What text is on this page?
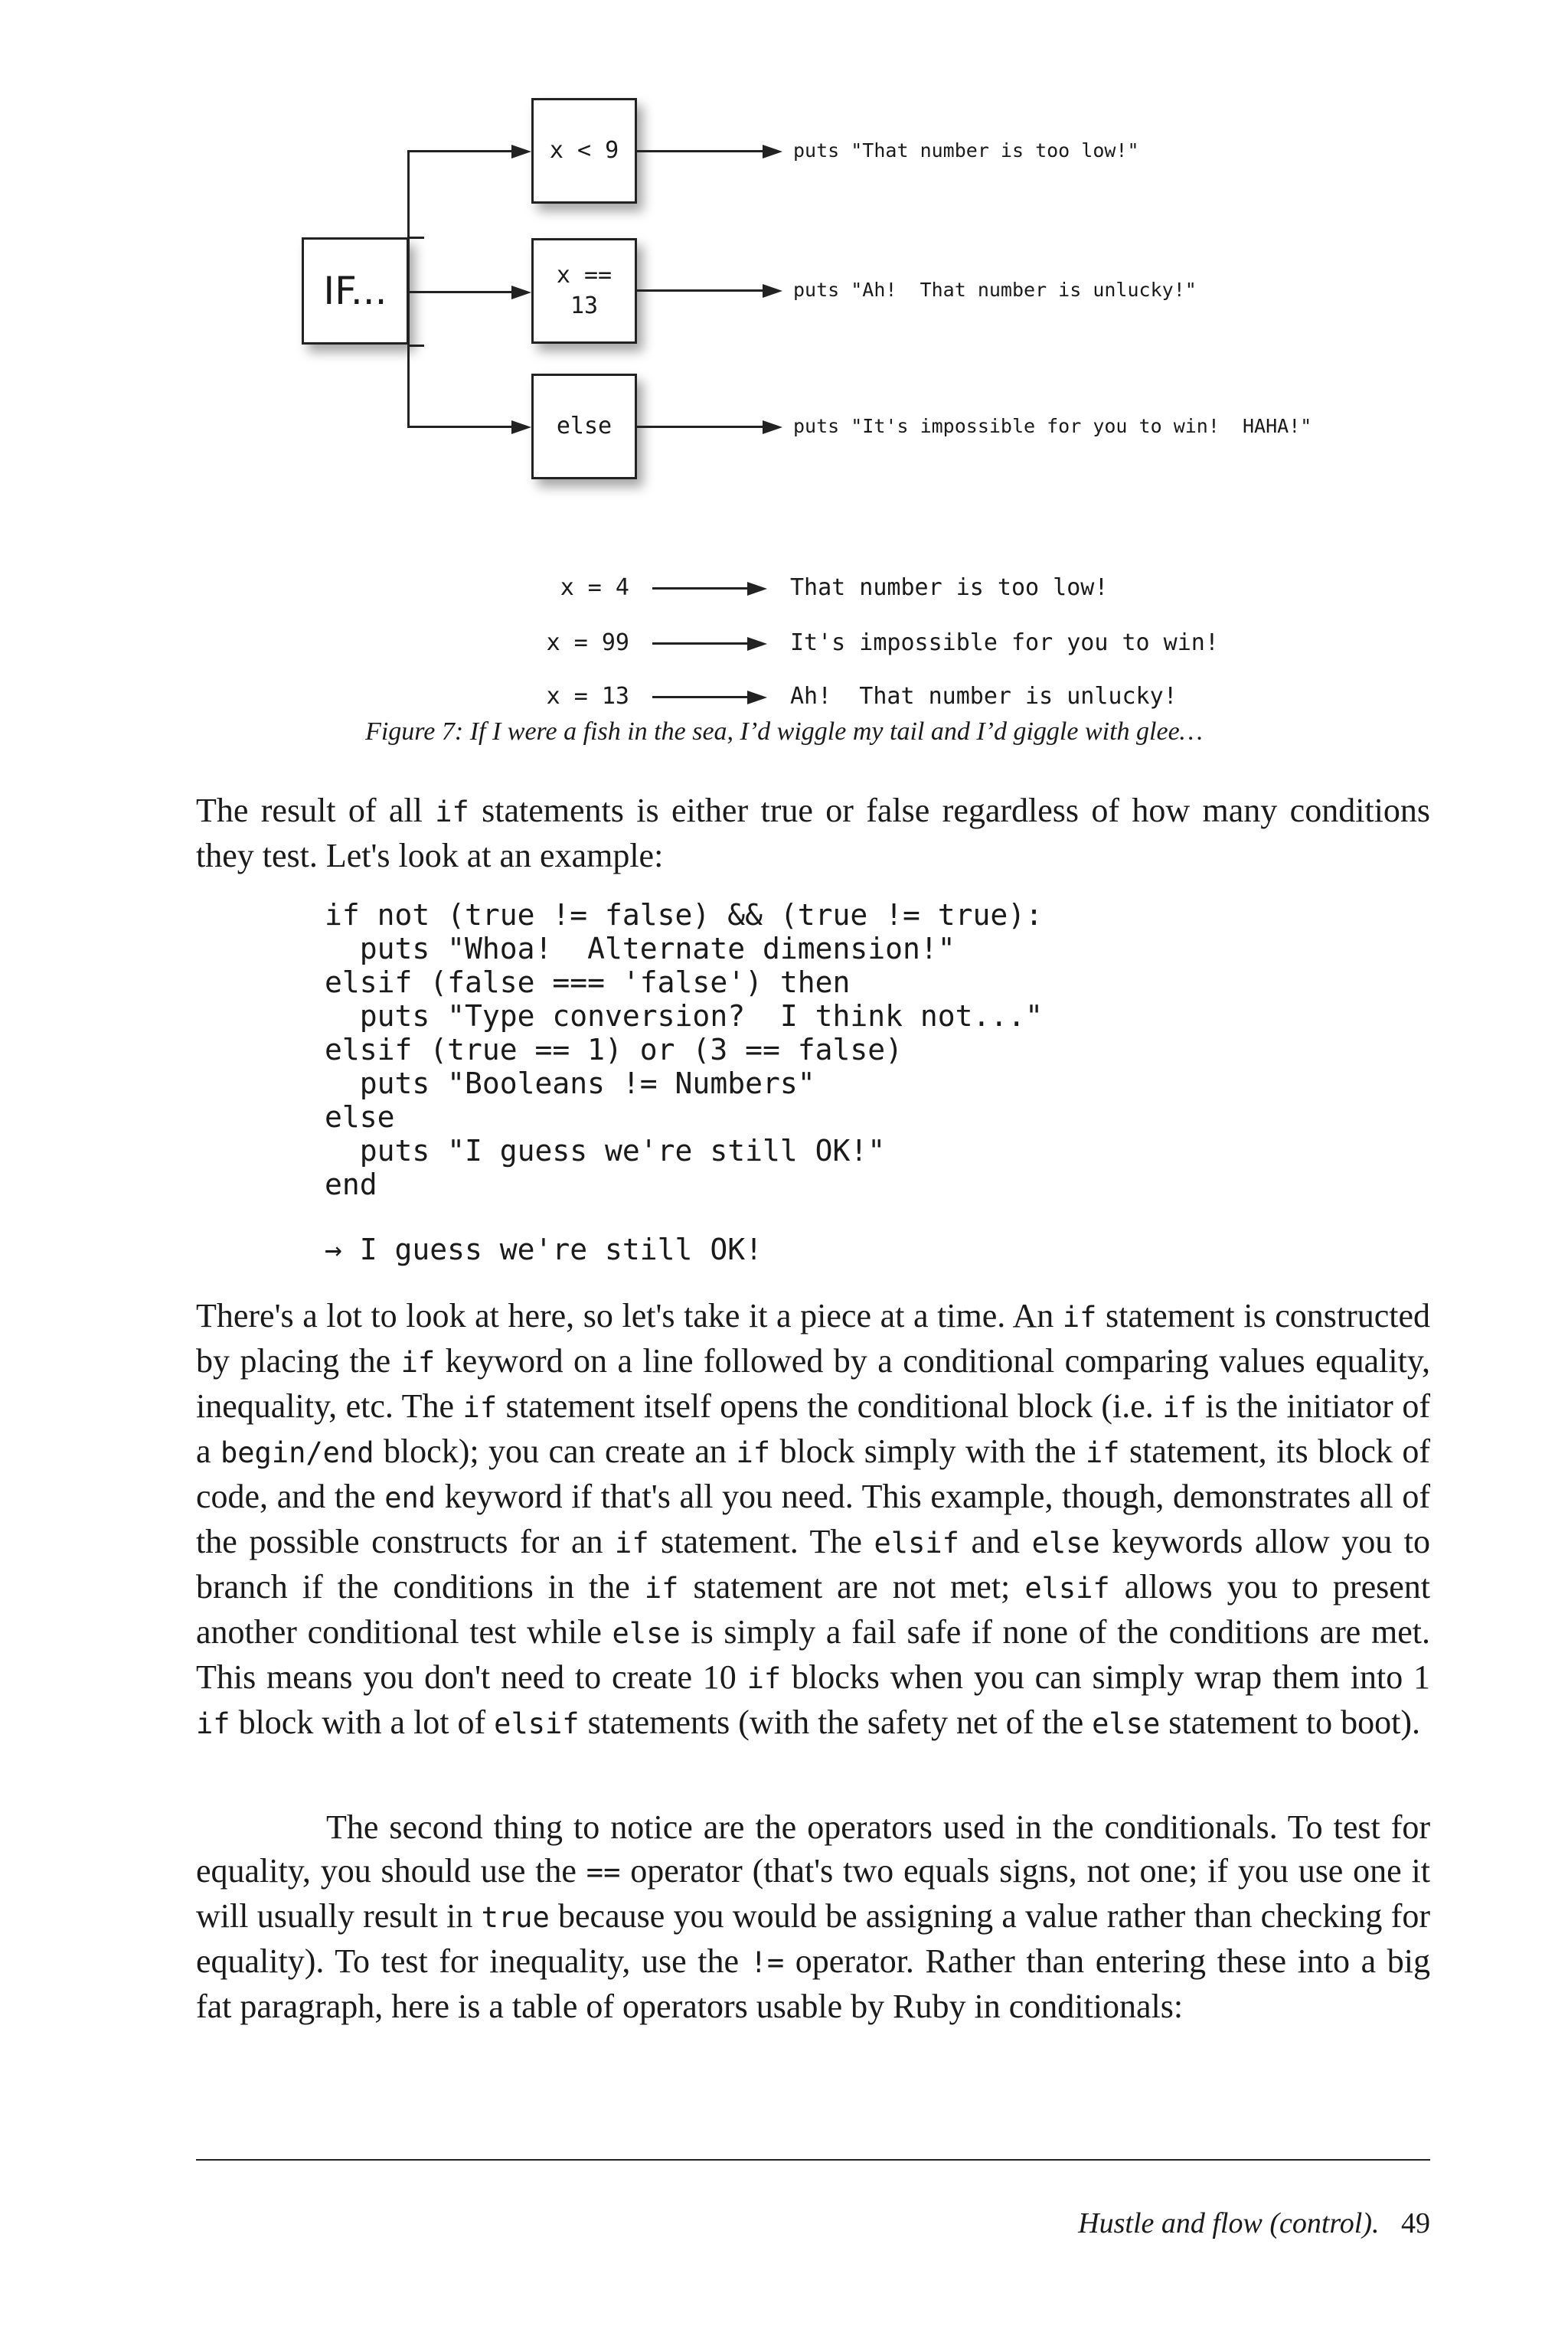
IF...
x < 9
x ==
13
else
puts "That number is too low!"
puts "Ah!  That number is unlucky!"
puts "It's impossible for you to win!  HAHA!"
x = 4	That number is too low!
x = 99	It's impossible for you to win!
x = 13	Ah!  That number is unlucky!
Figure 7: If I were a fish in the sea, I’d wiggle my tail and I’d giggle with glee…

The result of all if statements is either true or false regardless of how many conditions they test. Let's look at an example:

if not (true != false) && (true != true):
puts "Whoa!  Alternate dimension!"
elsif (false === 'false') then
puts "Type conversion?  I think not..."
elsif (true == 1) or (3 == false)
puts "Booleans != Numbers"
else
puts "I guess we're still OK!"
end
→ I guess we're still OK!

There's a lot to look at here, so let's take it a piece at a time. An if statement is constructed by placing the if keyword on a line followed by a conditional comparing values equality, inequality, etc. The if statement itself opens the conditional block (i.e. if is the initiator of a begin/end block); you can create an if block simply with the if statement, its block of code, and the end keyword if that's all you need. This example, though, demonstrates all of the possible constructs for an if statement. The elsif and else keywords allow you to branch if the conditions in the if statement are not met; elsif allows you to present another conditional test while else is simply a fail safe if none of the conditions are met. This means you don't need to create 10 if blocks when you can simply wrap them into 1 if block with a lot of elsif statements (with the safety net of the else statement to boot).

The second thing to notice are the operators used in the conditionals. To test for equality, you should use the == operator (that's two equals signs, not one; if you use one it will usually result in true because you would be assigning a value rather than checking for equality). To test for inequality, use the != operator. Rather than entering these into a big fat paragraph, here is a table of operators usable by Ruby in conditionals:

Hustle and flow (control). 49
